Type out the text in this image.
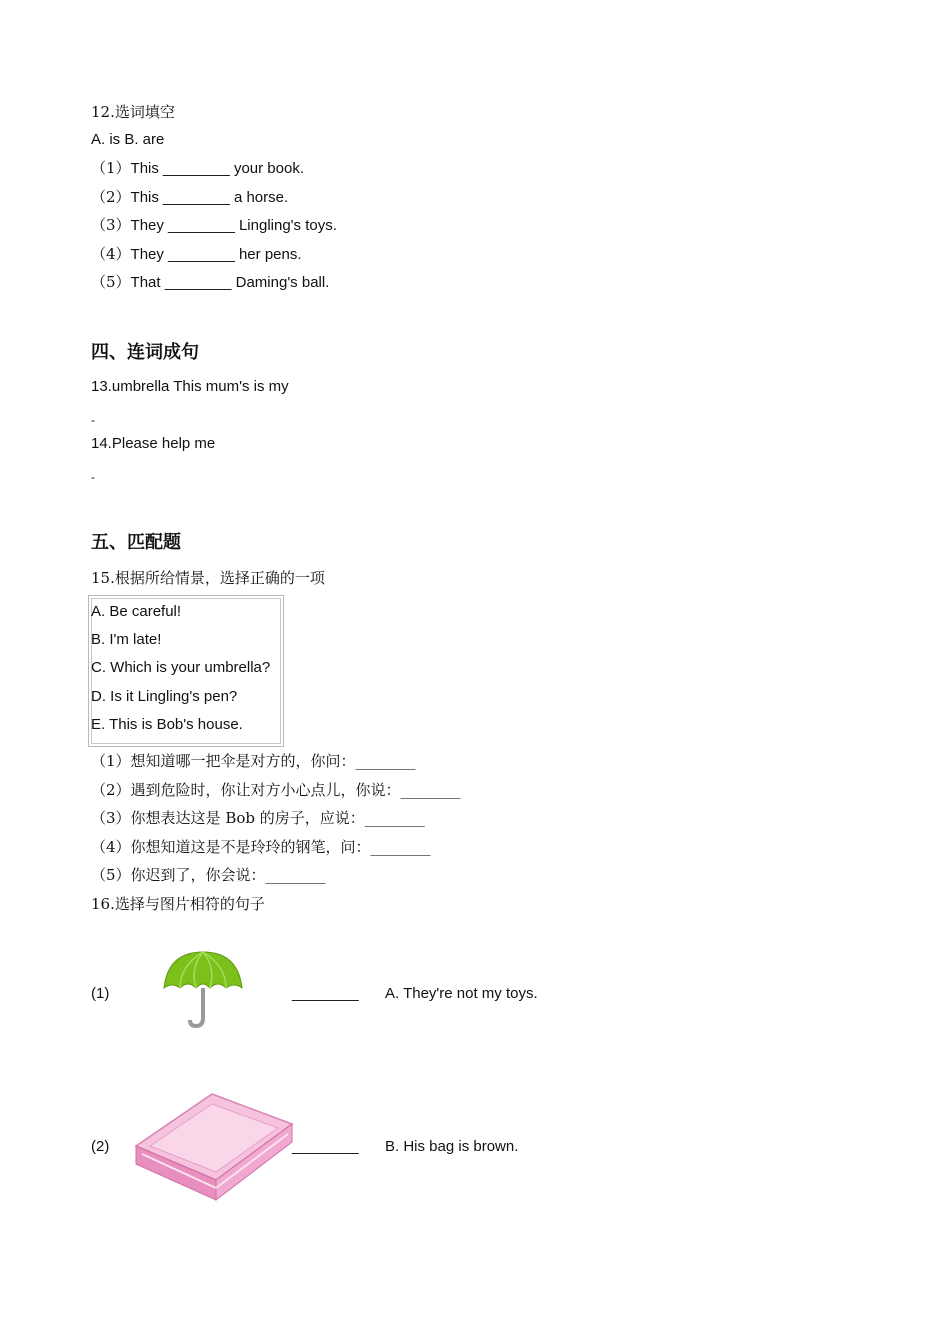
12.选词填空
A. is B. are
（1）This ________ your book.
（2）This ________ a horse.
（3）They ________ Lingling's toys.
（4）They ________ her pens.
（5）That ________ Daming's ball.
四、连词成句
13.umbrella This mum's is my
-
14.Please help me
-
五、匹配题
15.根据所给情景，选择正确的一项
A. Be careful!
B. I'm late!
C. Which is your umbrella?
D. Is it Lingling's pen?
E. This is Bob's house.
（1）想知道哪一把伞是对方的，你问：________
（2）遇到危险时，你让对方小心点儿，你说：________
（3）你想表达这是 Bob 的房子，应说：________
（4）你想知道这是不是玲玲的钢笔，问：________
（5）你迟到了，你会说：________
16.选择与图片相符的句子
(1)	________ A. They're not my toys.
(2)	________ B. His bag is brown.
